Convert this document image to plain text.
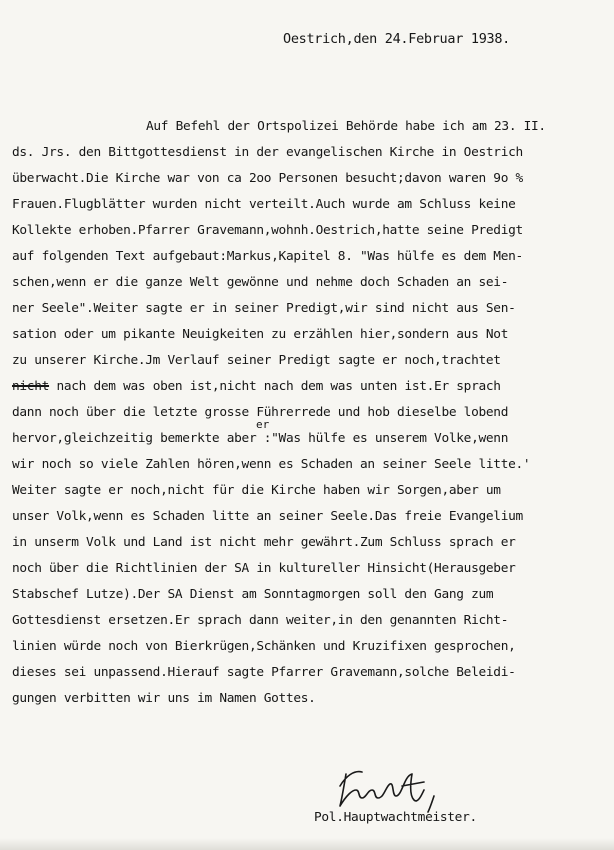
Oestrich,den 24.Februar 1938.
Auf Befehl der Ortspolizei Behörde habe ich am 23. II.
ds. Jrs. den Bittgottesdienst in der evangelischen Kirche in Oestrich
überwacht.Die Kirche war von ca 2oo Personen besucht;davon waren 9o %
Frauen.Flugblätter wurden nicht verteilt.Auch wurde am Schluss keine
Kollekte erhoben.Pfarrer Gravemann,wohnh.Oestrich,hatte seine Predigt
auf folgenden Text aufgebaut:Markus,Kapitel 8. "Was hülfe es dem Men-
schen,wenn er die ganze Welt gewönne und nehme doch Schaden an sei-
ner Seele".Weiter sagte er in seiner Predigt,wir sind nicht aus Sen-
sation oder um pikante Neuigkeiten zu erzählen hier,sondern aus Not
zu unserer Kirche.Jm Verlauf seiner Predigt sagte er noch,trachtet
nicht nach dem was oben ist,nicht nach dem was unten ist.Er sprach
dann noch über die letzte grosse Führerrede und hob dieselbe lobend
hervor,gleichzeitig bemerkte aber :"Was hülfe es unserem Volke,wenn
wir noch so viele Zahlen hören,wenn es Schaden an seiner Seele litte.'
Weiter sagte er noch,nicht für die Kirche haben wir Sorgen,aber um
unser Volk,wenn es Schaden litte an seiner Seele.Das freie Evangelium
in unserm Volk und Land ist nicht mehr gewährt.Zum Schluss sprach er
noch über die Richtlinien der SA in kultureller Hinsicht(Herausgeber
Stabschef Lutze).Der SA Dienst am Sonntagmorgen soll den Gang zum
Gottesdienst ersetzen.Er sprach dann weiter,in den genannten Richt-
linien würde noch von Bierkrügen,Schänken und Kruzifixen gesprochen,
dieses sei unpassend.Hierauf sagte Pfarrer Gravemann,solche Beleidi-
gungen verbitten wir uns im Namen Gottes.
er
Pol.Hauptwachtmeister.
